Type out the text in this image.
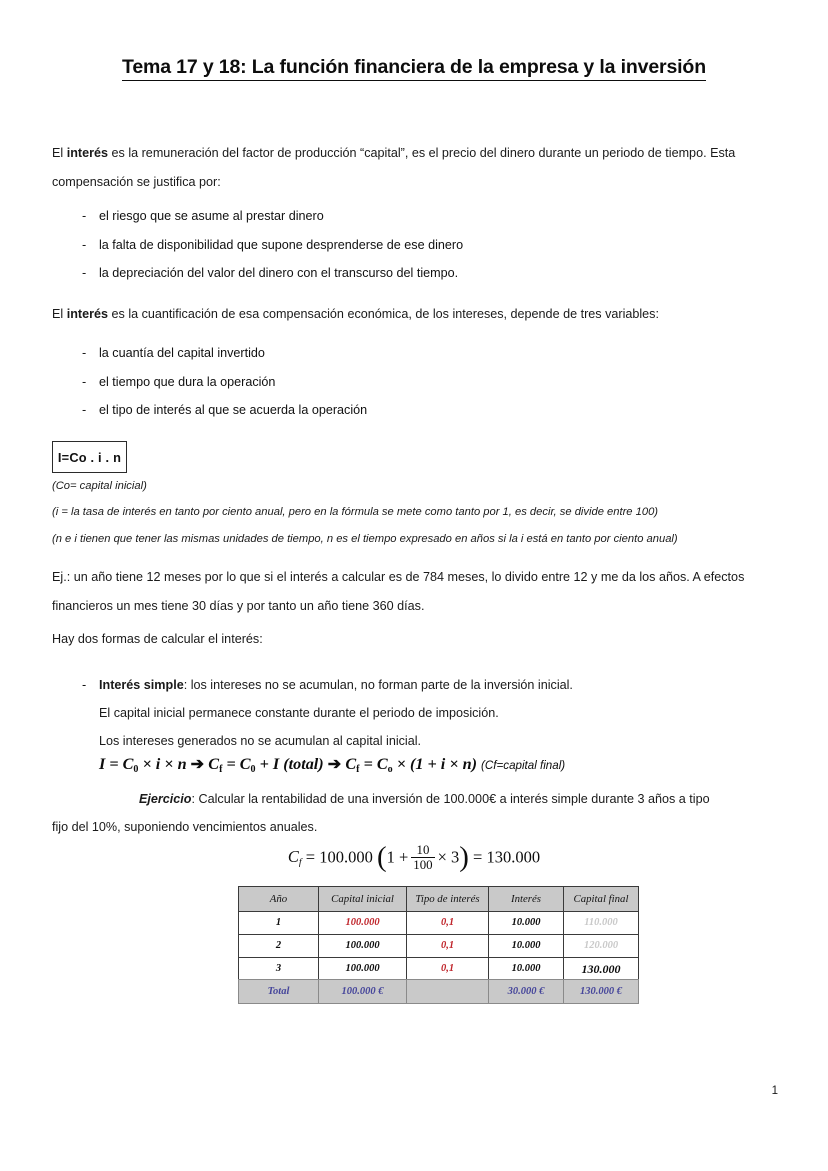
Tema 17 y 18: La función financiera de la empresa y la inversión
El interés es la remuneración del factor de producción “capital”, es el precio del dinero durante un periodo de tiempo. Esta compensación se justifica por:
- el riesgo que se asume al prestar dinero
- la falta de disponibilidad que supone desprenderse de ese dinero
- la depreciación del valor del dinero con el transcurso del tiempo.
El interés es la cuantificación de esa compensación económica, de los intereses, depende de tres variables:
- la cuantía del capital invertido
- el tiempo que dura la operación
- el tipo de interés al que se acuerda la operación
I=Co . i . n
(Co= capital inicial)
(i = la tasa de interés en tanto por ciento anual, pero en la fórmula se mete como tanto por 1, es decir, se divide entre 100)
(n e i tienen que tener las mismas unidades de tiempo, n es el tiempo expresado en años si la i está en tanto por ciento anual)
Ej.: un año tiene 12 meses por lo que si el interés a calcular es de 784 meses, lo divido entre 12 y me da los años. A efectos financieros un mes tiene 30 días y por tanto un año tiene 360 días.
Hay dos formas de calcular el interés:
- Interés simple: los intereses no se acumulan, no forman parte de la inversión inicial.
El capital inicial permanece constante durante el periodo de imposición.
Los intereses generados no se acumulan al capital inicial.
$I = C_0 \times i \times n$ ➔ $C_f = C_0 + I$ (total) ➔ $C_f = C_o \times (1 + i \times n)$ (Cf=capital final)
Ejercicio: Calcular la rentabilidad de una inversión de 100.000€ a interés simple durante 3 años a tipo
fijo del 10%, suponiendo vencimientos anuales.
$C_f = 100.000$ $(1 + \frac{10}{100} \times 3) = 130.000$
Año	Capital inicial	Tipo de interés	Interés	Capital final
1	100.000	0,1	10.000	110.000
2	100.000	0,1	10.000	120.000
3	100.000	0,1	10.000	130.000
Total	100.000 €		30.000 €	130.000 €
1
